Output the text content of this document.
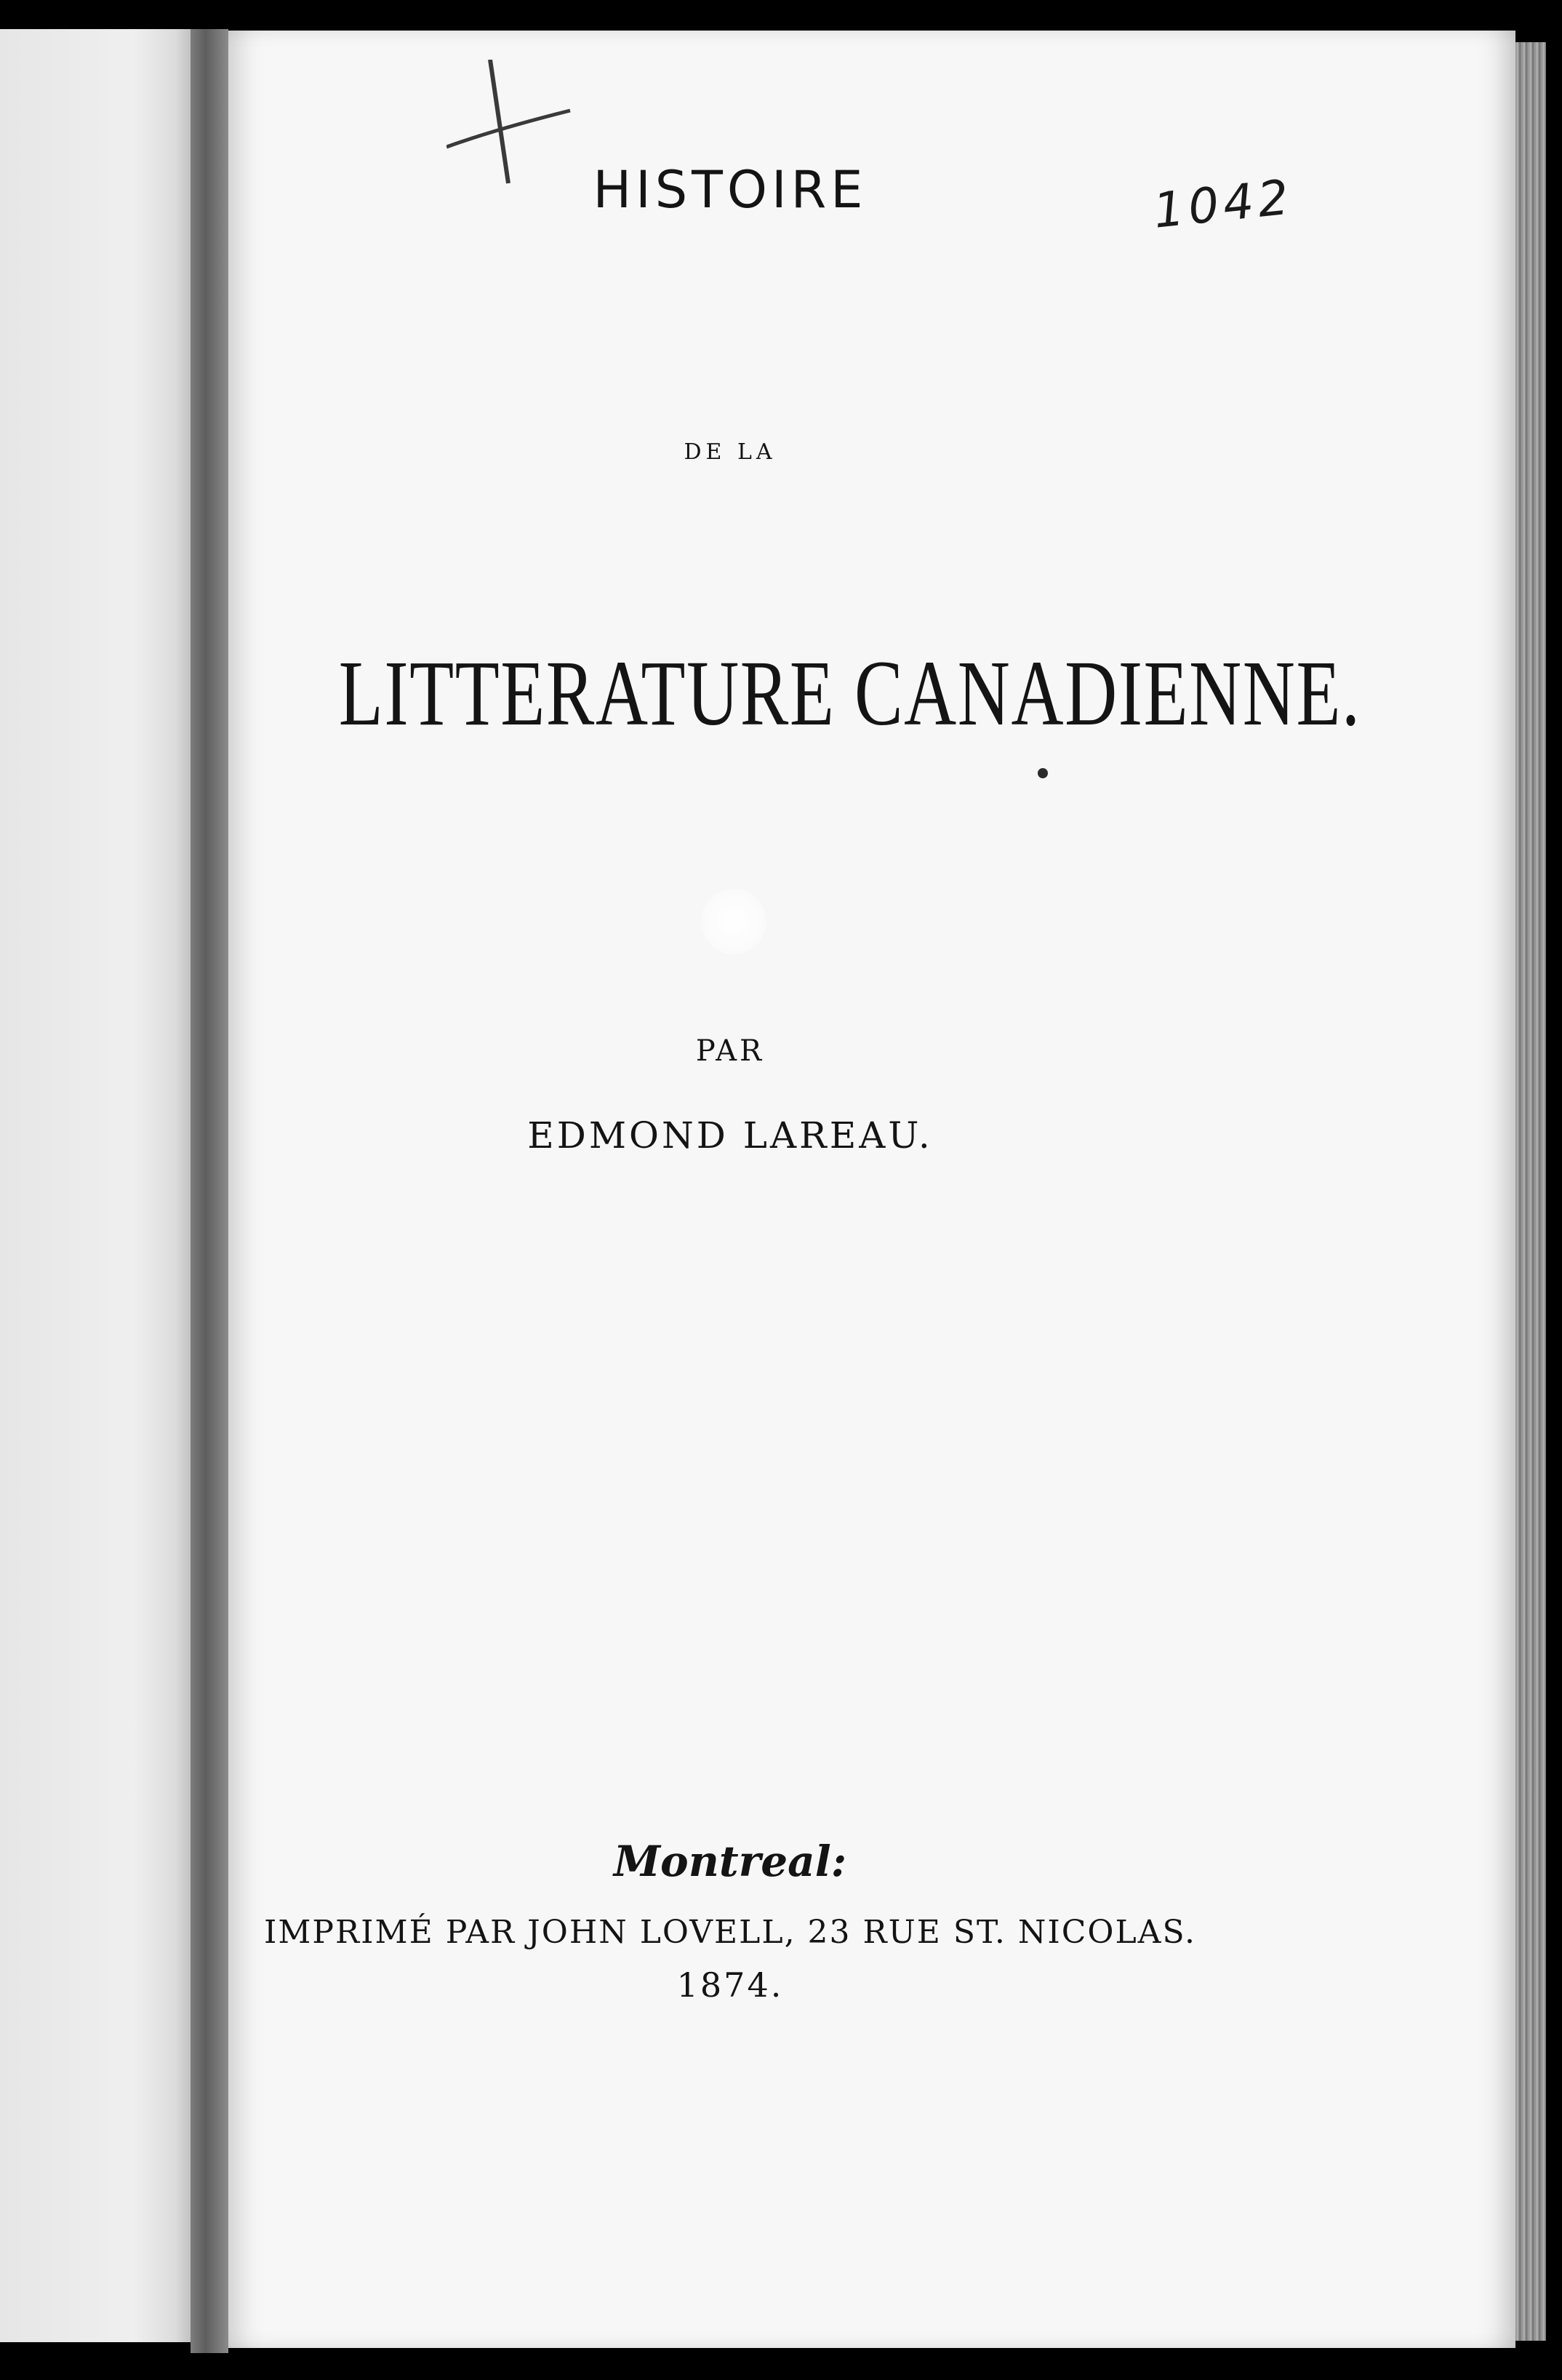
HISTOIRE	1042
DE LA
LITTERATURE CANADIENNE.
PAR
EDMOND LAREAU.
Montreal:
IMPRIMÉ PAR JOHN LOVELL, 23 RUE ST. NICOLAS.
1874.
